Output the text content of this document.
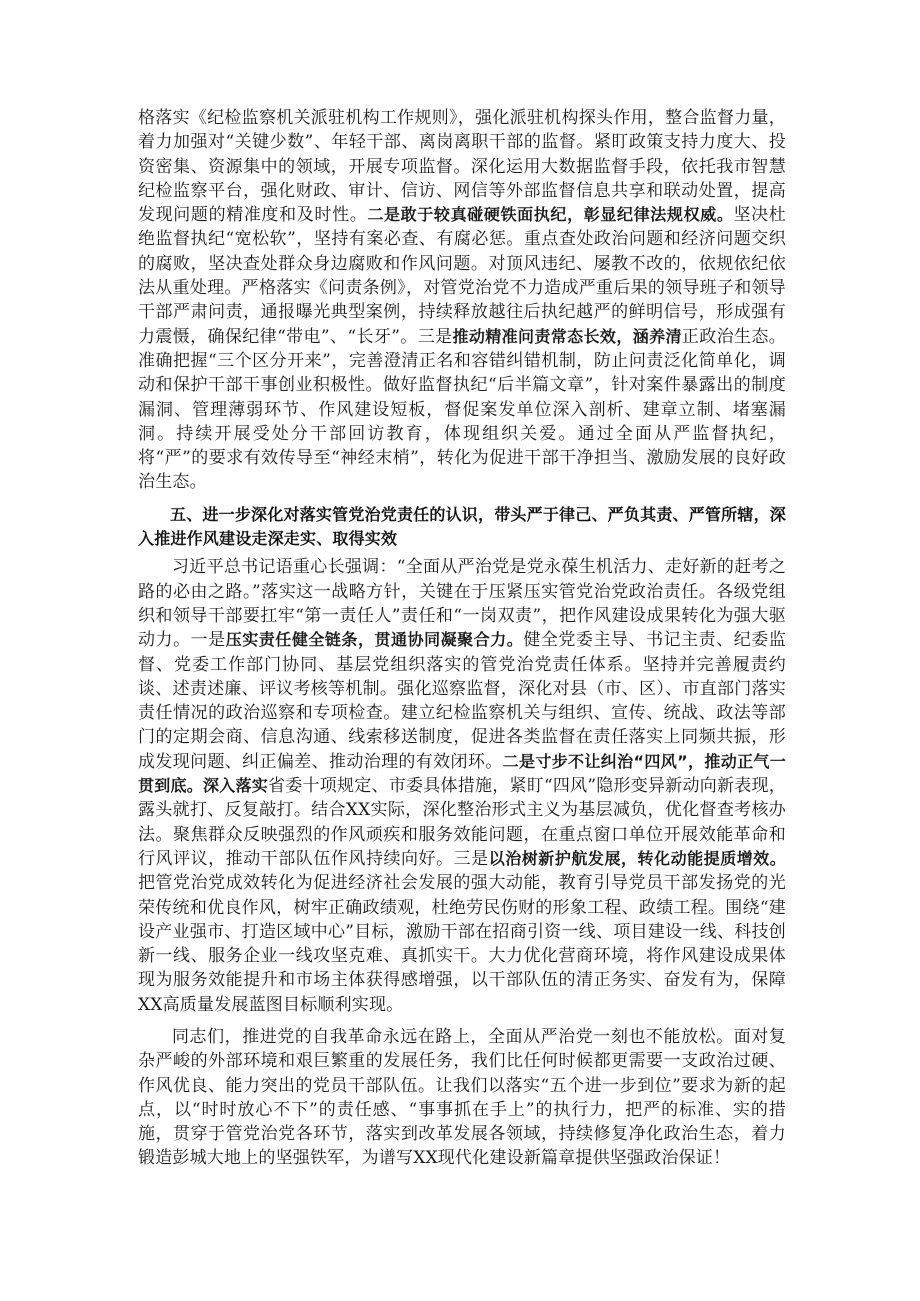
格落实《纪检监察机关派驻机构工作规则》，强化派驻机构探头作用，整合监督力量，着力加强对“关键少数”、年轻干部、离岗离职干部的监督。紧盯政策支持力度大、投资密集、资源集中的领域，开展专项监督。深化运用大数据监督手段，依托我市智慧纪检监察平台，强化财政、审计、信访、网信等外部监督信息共享和联动处置，提高发现问题的精准度和及时性。二是敢于较真碰硬铁面执纪，彰显纪律法规权威。坚决杜绝监督执纪“宽松软”，坚持有案必查、有腐必惩。重点查处政治问题和经济问题交织的腐败，坚决查处群众身边腐败和作风问题。对顶风违纪、屡教不改的，依规依纪依法从重处理。严格落实《问责条例》，对管党治党不力造成严重后果的领导班子和领导干部严肃问责，通报曝光典型案例，持续释放越往后执纪越严的鲜明信号，形成强有力震慑，确保纪律“带电”、“长牙”。三是推动精准问责常态长效，涵养清正政治生态。准确把握“三个区分开来”，完善澄清正名和容错纠错机制，防止问责泛化简单化，调动和保护干部干事创业积极性。做好监督执纪“后半篇文章”，针对案件暴露出的制度漏洞、管理薄弱环节、作风建设短板，督促案发单位深入剖析、建章立制、堵塞漏洞。持续开展受处分干部回访教育，体现组织关爱。通过全面从严监督执纪，将“严”的要求有效传导至“神经末梢”，转化为促进干部干净担当、激励发展的良好政治生态。

五、进一步深化对落实管党治党责任的认识，带头严于律己、严负其责、严管所辖，深入推进作风建设走深走实、取得实效

习近平总书记语重心长强调：“全面从严治党是党永葆生机活力、走好新的赶考之路的必由之路。”落实这一战略方针，关键在于压紧压实管党治党政治责任。各级党组织和领导干部要扛牢“第一责任人”责任和“一岗双责”，把作风建设成果转化为强大驱动力。一是压实责任健全链条，贯通协同凝聚合力。健全党委主导、书记主责、纪委监督、党委工作部门协同、基层党组织落实的管党治党责任体系。坚持并完善履责约谈、述责述廉、评议考核等机制。强化巡察监督，深化对县（市、区）、市直部门落实责任情况的政治巡察和专项检查。建立纪检监察机关与组织、宣传、统战、政法等部门的定期会商、信息沟通、线索移送制度，促进各类监督在责任落实上同频共振，形成发现问题、纠正偏差、推动治理的有效闭环。二是寸步不让纠治“四风”，推动正气一贯到底。深入落实省委十项规定、市委具体措施，紧盯“四风”隐形变异新动向新表现，露头就打、反复敲打。结合XX实际，深化整治形式主义为基层减负，优化督查考核办法。聚焦群众反映强烈的作风顽疾和服务效能问题，在重点窗口单位开展效能革命和行风评议，推动干部队伍作风持续向好。三是以治树新护航发展，转化动能提质增效。把管党治党成效转化为促进经济社会发展的强大动能，教育引导党员干部发扬党的光荣传统和优良作风，树牢正确政绩观，杜绝劳民伤财的形象工程、政绩工程。围绕“建设产业强市、打造区域中心”目标，激励干部在招商引资一线、项目建设一线、科技创新一线、服务企业一线攻坚克难、真抓实干。大力优化营商环境，将作风建设成果体现为服务效能提升和市场主体获得感增强，以干部队伍的清正务实、奋发有为，保障XX高质量发展蓝图目标顺利实现。

同志们，推进党的自我革命永远在路上，全面从严治党一刻也不能放松。面对复杂严峻的外部环境和艰巨繁重的发展任务，我们比任何时候都更需要一支政治过硬、作风优良、能力突出的党员干部队伍。让我们以落实“五个进一步到位”要求为新的起点，以“时时放心不下”的责任感、“事事抓在手上”的执行力，把严的标准、实的措施，贯穿于管党治党各环节，落实到改革发展各领域，持续修复净化政治生态，着力锻造彭城大地上的坚强铁军，为谱写XX现代化建设新篇章提供坚强政治保证！
